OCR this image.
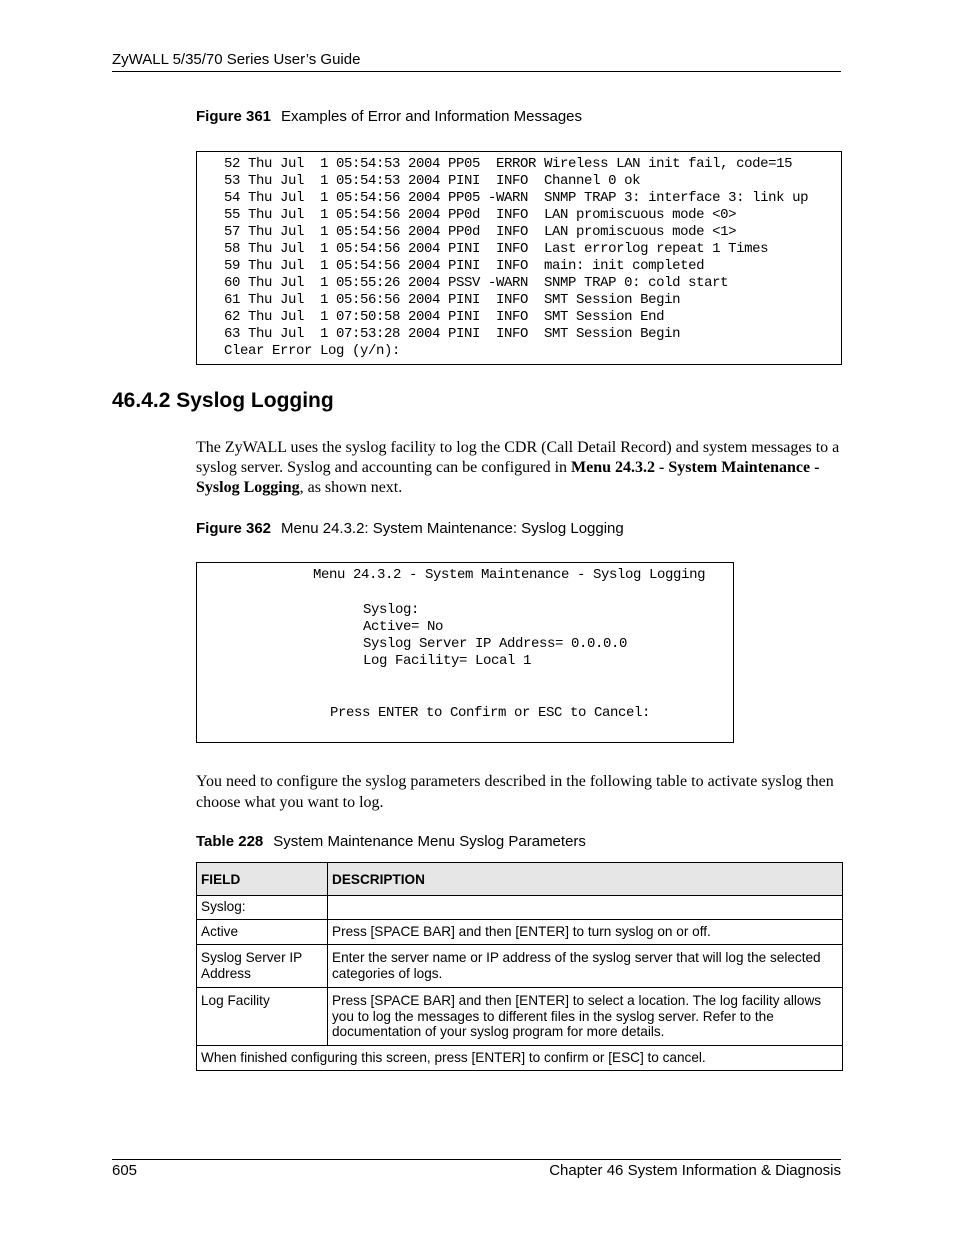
ZyWALL 5/35/70 Series User’s Guide
Figure 361 Examples of Error and Information Messages
52 Thu Jul  1 05:54:53 2004 PP05  ERROR Wireless LAN init fail, code=15
53 Thu Jul  1 05:54:53 2004 PINI  INFO  Channel 0 ok
54 Thu Jul  1 05:54:56 2004 PP05 -WARN  SNMP TRAP 3: interface 3: link up
55 Thu Jul  1 05:54:56 2004 PP0d  INFO  LAN promiscuous mode <0>
57 Thu Jul  1 05:54:56 2004 PP0d  INFO  LAN promiscuous mode <1>
58 Thu Jul  1 05:54:56 2004 PINI  INFO  Last errorlog repeat 1 Times
59 Thu Jul  1 05:54:56 2004 PINI  INFO  main: init completed
60 Thu Jul  1 05:55:26 2004 PSSV -WARN  SNMP TRAP 0: cold start
61 Thu Jul  1 05:56:56 2004 PINI  INFO  SMT Session Begin
62 Thu Jul  1 07:50:58 2004 PINI  INFO  SMT Session End
63 Thu Jul  1 07:53:28 2004 PINI  INFO  SMT Session Begin
Clear Error Log (y/n):
46.4.2 Syslog Logging
The ZyWALL uses the syslog facility to log the CDR (Call Detail Record) and system messages to a syslog server. Syslog and accounting can be configured in Menu 24.3.2 - System Maintenance - Syslog Logging, as shown next.
Figure 362 Menu 24.3.2: System Maintenance: Syslog Logging
Menu 24.3.2 - System Maintenance - Syslog Logging
Syslog:
Active= No
Syslog Server IP Address= 0.0.0.0
Log Facility= Local 1
Press ENTER to Confirm or ESC to Cancel:
You need to configure the syslog parameters described in the following table to activate syslog then choose what you want to log.
Table 228 System Maintenance Menu Syslog Parameters
FIELD	DESCRIPTION
Syslog:	
Active	Press [SPACE BAR] and then [ENTER] to turn syslog on or off.
Syslog Server IP Address	Enter the server name or IP address of the syslog server that will log the selected categories of logs.
Log Facility	Press [SPACE BAR] and then [ENTER] to select a location. The log facility allows you to log the messages to different files in the syslog server. Refer to the documentation of your syslog program for more details.
When finished configuring this screen, press [ENTER] to confirm or [ESC] to cancel.	
605	Chapter 46 System Information & Diagnosis
